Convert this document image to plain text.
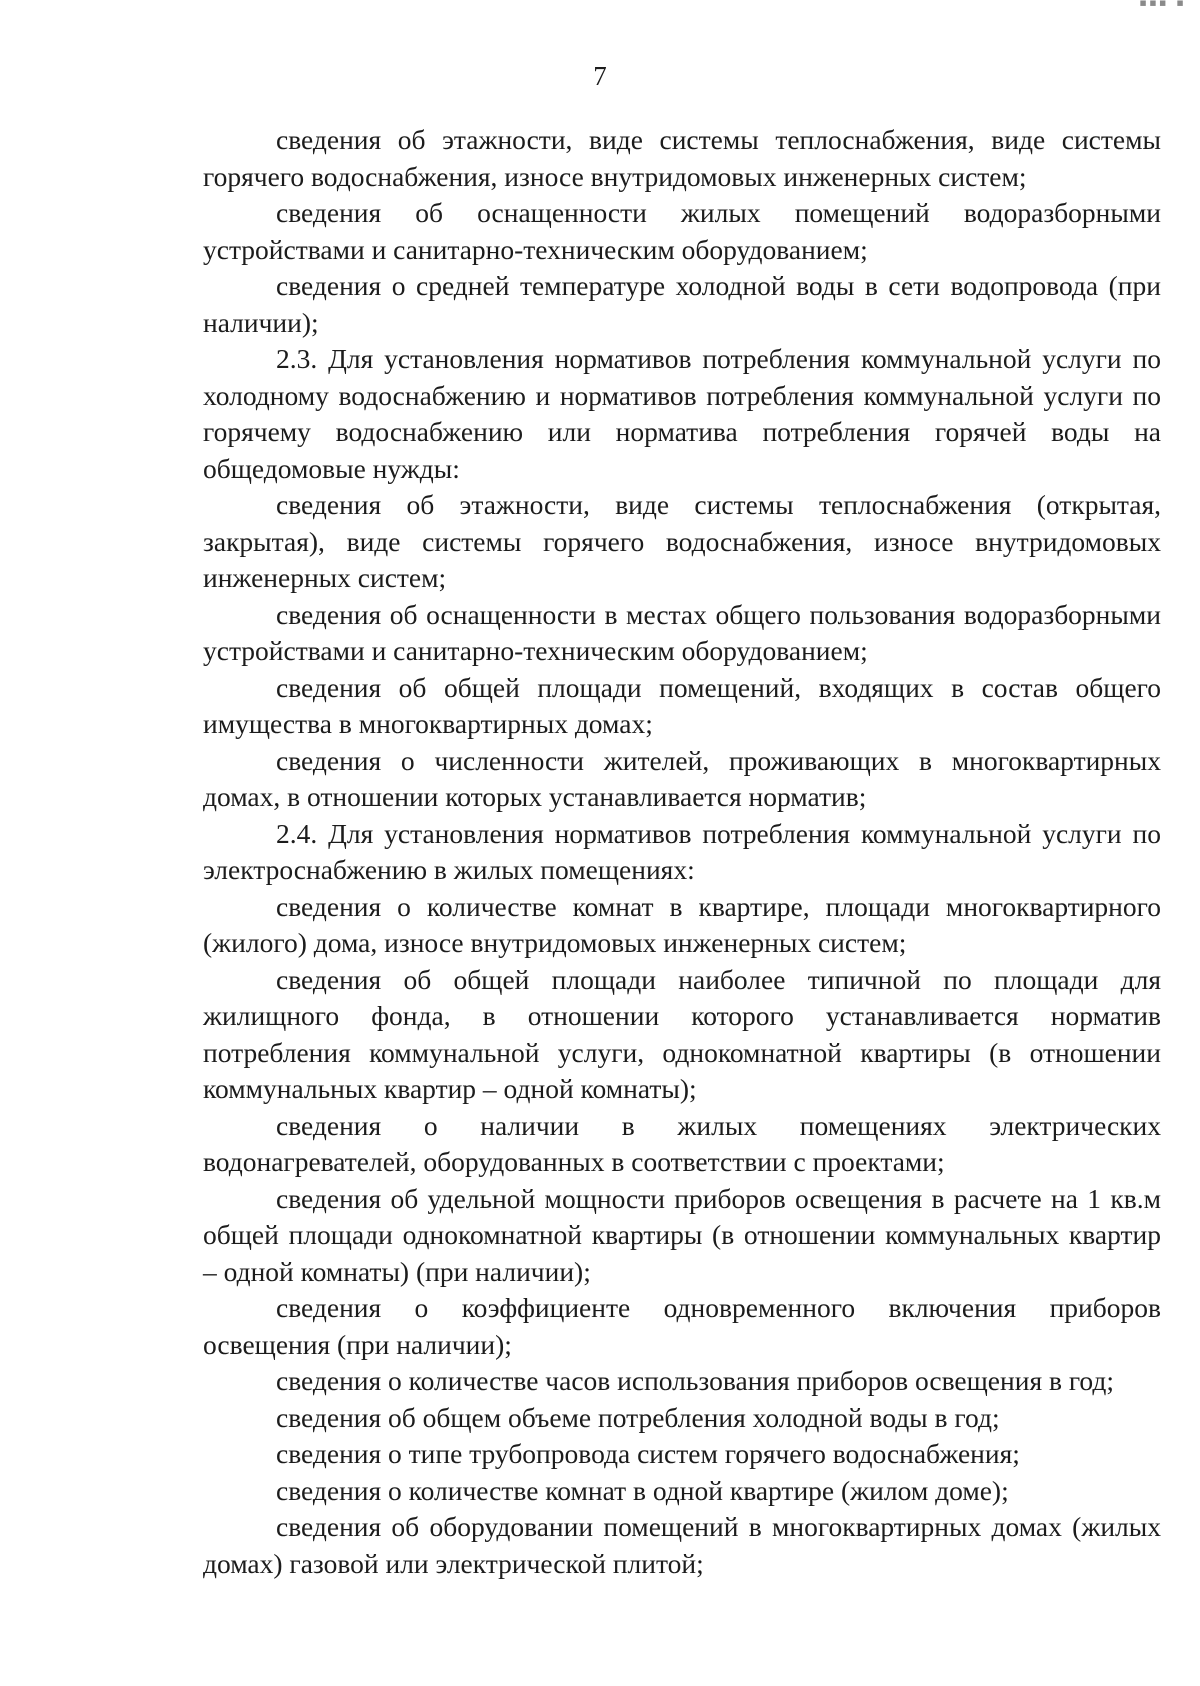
▪▪▪ ▪
7

сведения об этажности, виде системы теплоснабжения, виде системы горячего водоснабжения, износе внутридомовых инженерных систем;

сведения об оснащенности жилых помещений водоразборными устройствами и санитарно-техническим оборудованием;

сведения о средней температуре холодной воды в сети водопровода (при наличии);

2.3. Для установления нормативов потребления коммунальной услуги по холодному водоснабжению и нормативов потребления коммунальной услуги по горячему водоснабжению или норматива потребления горячей воды на общедомовые нужды:

сведения об этажности, виде системы теплоснабжения (открытая, закрытая), виде системы горячего водоснабжения, износе внутридомовых инженерных систем;

сведения об оснащенности в местах общего пользования водоразборными устройствами и санитарно-техническим оборудованием;

сведения об общей площади помещений, входящих в состав общего имущества в многоквартирных домах;

сведения о численности жителей, проживающих в многоквартирных домах, в отношении которых устанавливается норматив;

2.4. Для установления нормативов потребления коммунальной услуги по электроснабжению в жилых помещениях:

сведения о количестве комнат в квартире, площади многоквартирного (жилого) дома, износе внутридомовых инженерных систем;

сведения об общей площади наиболее типичной по площади для жилищного фонда, в отношении которого устанавливается норматив потребления коммунальной услуги, однокомнатной квартиры (в отношении коммунальных квартир – одной комнаты);

сведения о наличии в жилых помещениях электрических водонагревателей, оборудованных в соответствии с проектами;

сведения об удельной мощности приборов освещения в расчете на 1 кв.м общей площади однокомнатной квартиры (в отношении коммунальных квартир – одной комнаты) (при наличии);

сведения о коэффициенте одновременного включения приборов освещения (при наличии);

сведения о количестве часов использования приборов освещения в год;

сведения об общем объеме потребления холодной воды в год;

сведения о типе трубопровода систем горячего водоснабжения;

сведения о количестве комнат в одной квартире (жилом доме);

сведения об оборудовании помещений в многоквартирных домах (жилых домах) газовой или электрической плитой;
